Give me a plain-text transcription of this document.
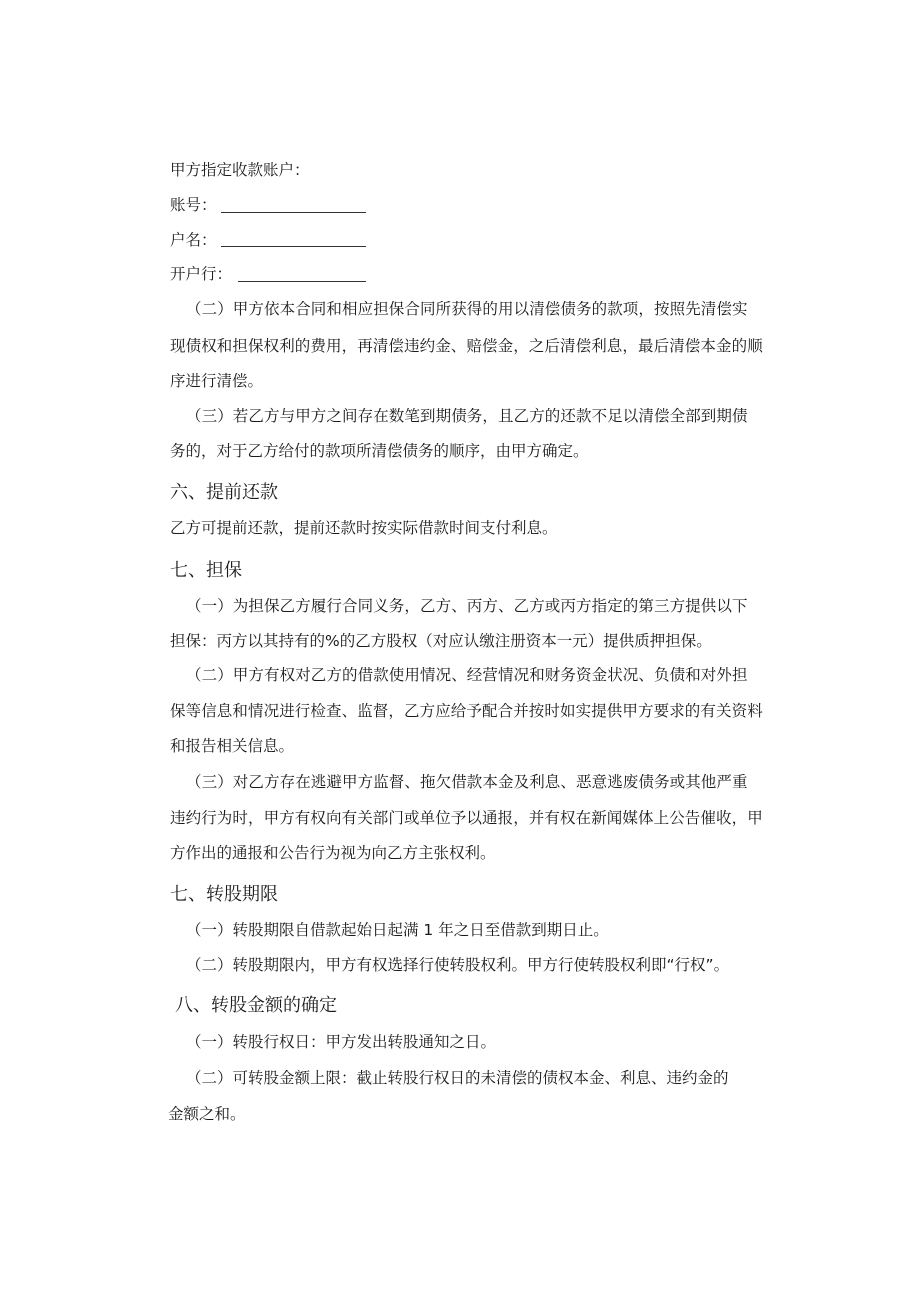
甲方指定收款账户：
账号：
户名：
开户行：
（二）甲方依本合同和相应担保合同所获得的用以清偿债务的款项，按照先清偿实
现债权和担保权利的费用，再清偿违约金、赔偿金，之后清偿利息，最后清偿本金的顺
序进行清偿。
（三）若乙方与甲方之间存在数笔到期债务，且乙方的还款不足以清偿全部到期债
务的，对于乙方给付的款项所清偿债务的顺序，由甲方确定。
六、提前还款
乙方可提前还款，提前还款时按实际借款时间支付利息。
七、担保
（一）为担保乙方履行合同义务，乙方、丙方、乙方或丙方指定的第三方提供以下
担保：丙方以其持有的%的乙方股权（对应认缴注册资本一元）提供质押担保。
（二）甲方有权对乙方的借款使用情况、经营情况和财务资金状况、负债和对外担
保等信息和情况进行检查、监督，乙方应给予配合并按时如实提供甲方要求的有关资料
和报告相关信息。
（三）对乙方存在逃避甲方监督、拖欠借款本金及利息、恶意逃废债务或其他严重
违约行为时，甲方有权向有关部门或单位予以通报，并有权在新闻媒体上公告催收，甲
方作出的通报和公告行为视为向乙方主张权利。
七、转股期限
（一）转股期限自借款起始日起满 1 年之日至借款到期日止。
（二）转股期限内，甲方有权选择行使转股权利。甲方行使转股权利即“行权”。
八、转股金额的确定
（一）转股行权日：甲方发出转股通知之日。
（二）可转股金额上限：截止转股行权日的未清偿的债权本金、利息、违约金的
金额之和。
